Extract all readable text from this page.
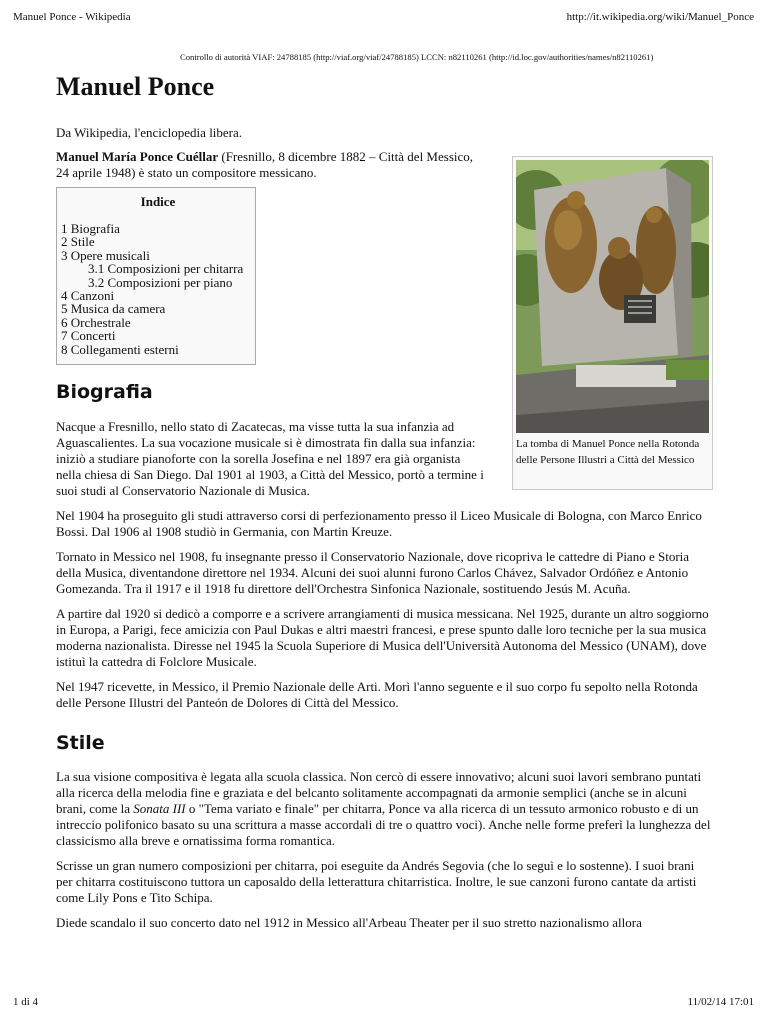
Manuel Ponce - Wikipedia	http://it.wikipedia.org/wiki/Manuel_Ponce
Controllo di autorità VIAF: 24788185 (http://viaf.org/viaf/24788185) LCCN: n82110261 (http://id.loc.gov/authorities/names/n82110261)
Manuel Ponce

Da Wikipedia, l'enciclopedia libera.

Manuel María Ponce Cuéllar (Fresnillo, 8 dicembre 1882 – Città del Messico, 24 aprile 1948) è stato un compositore messicano.

Indice
1 Biografia
2 Stile
3 Opere musicali
3.1 Composizioni per chitarra
3.2 Composizioni per piano
4 Canzoni
5 Musica da camera
6 Orchestrale
7 Concerti
8 Collegamenti esterni
Biografia

Nacque a Fresnillo, nello stato di Zacatecas, ma visse tutta la sua infanzia ad Aguascalientes. La sua vocazione musicale si è dimostrata fin dalla sua infanzia: iniziò a studiare pianoforte con la sorella Josefina e nel 1897 era già organista nella chiesa di San Diego. Dal 1901 al 1903, a Città del Messico, portò a termine i suoi studi al Conservatorio Nazionale di Musica.

Nel 1904 ha proseguito gli studi attraverso corsi di perfezionamento presso il Liceo Musicale di Bologna, con Marco Enrico Bossi. Dal 1906 al 1908 studiò in Germania, con Martin Kreuze.

Tornato in Messico nel 1908, fu insegnante presso il Conservatorio Nazionale, dove ricopriva le cattedre di Piano e Storia della Musica, diventandone direttore nel 1934. Alcuni dei suoi alunni furono Carlos Chávez, Salvador Ordóñez e Antonio Gomezanda. Tra il 1917 e il 1918 fu direttore dell'Orchestra Sinfonica Nazionale, sostituendo Jesús M. Acuña.

A partire dal 1920 si dedicò a comporre e a scrivere arrangiamenti di musica messicana. Nel 1925, durante un altro soggiorno in Europa, a Parigi, fece amicizia con Paul Dukas e altri maestri francesi, e prese spunto dalle loro tecniche per la sua musica moderna nazionalista. Diresse nel 1945 la Scuola Superiore di Musica dell'Università Autonoma del Messico (UNAM), dove istituì la cattedra di Folclore Musicale.

Nel 1947 ricevette, in Messico, il Premio Nazionale delle Arti. Morì l'anno seguente e il suo corpo fu sepolto nella Rotonda delle Persone Illustri del Panteón de Dolores di Città del Messico.

Stile

La sua visione compositiva è legata alla scuola classica. Non cercò di essere innovativo; alcuni suoi lavori sembrano puntati alla ricerca della melodia fine e graziata e del belcanto solitamente accompagnati da armonie semplici (anche se in alcuni brani, come la Sonata III o "Tema variato e finale" per chitarra, Ponce va alla ricerca di un tessuto armonico robusto e di un intreccio polifonico basato su una scrittura a masse accordali di tre o quattro voci). Anche nelle forme preferì la lunghezza del classicismo alla breve e ornatissima forma romantica.

Scrisse un gran numero composizioni per chitarra, poi eseguite da Andrés Segovia (che lo seguì e lo sostenne). I suoi brani per chitarra costituiscono tuttora un caposaldo della letterattura chitarristica. Inoltre, le sue canzoni furono cantate da artisti come Lily Pons e Tito Schipa.

Diede scandalo il suo concerto dato nel 1912 in Messico all'Arbeau Theater per il suo stretto nazionalismo allora

La tomba di Manuel Ponce nella Rotonda delle Persone Illustri a Città del Messico
1 di 4	11/02/14 17:01
